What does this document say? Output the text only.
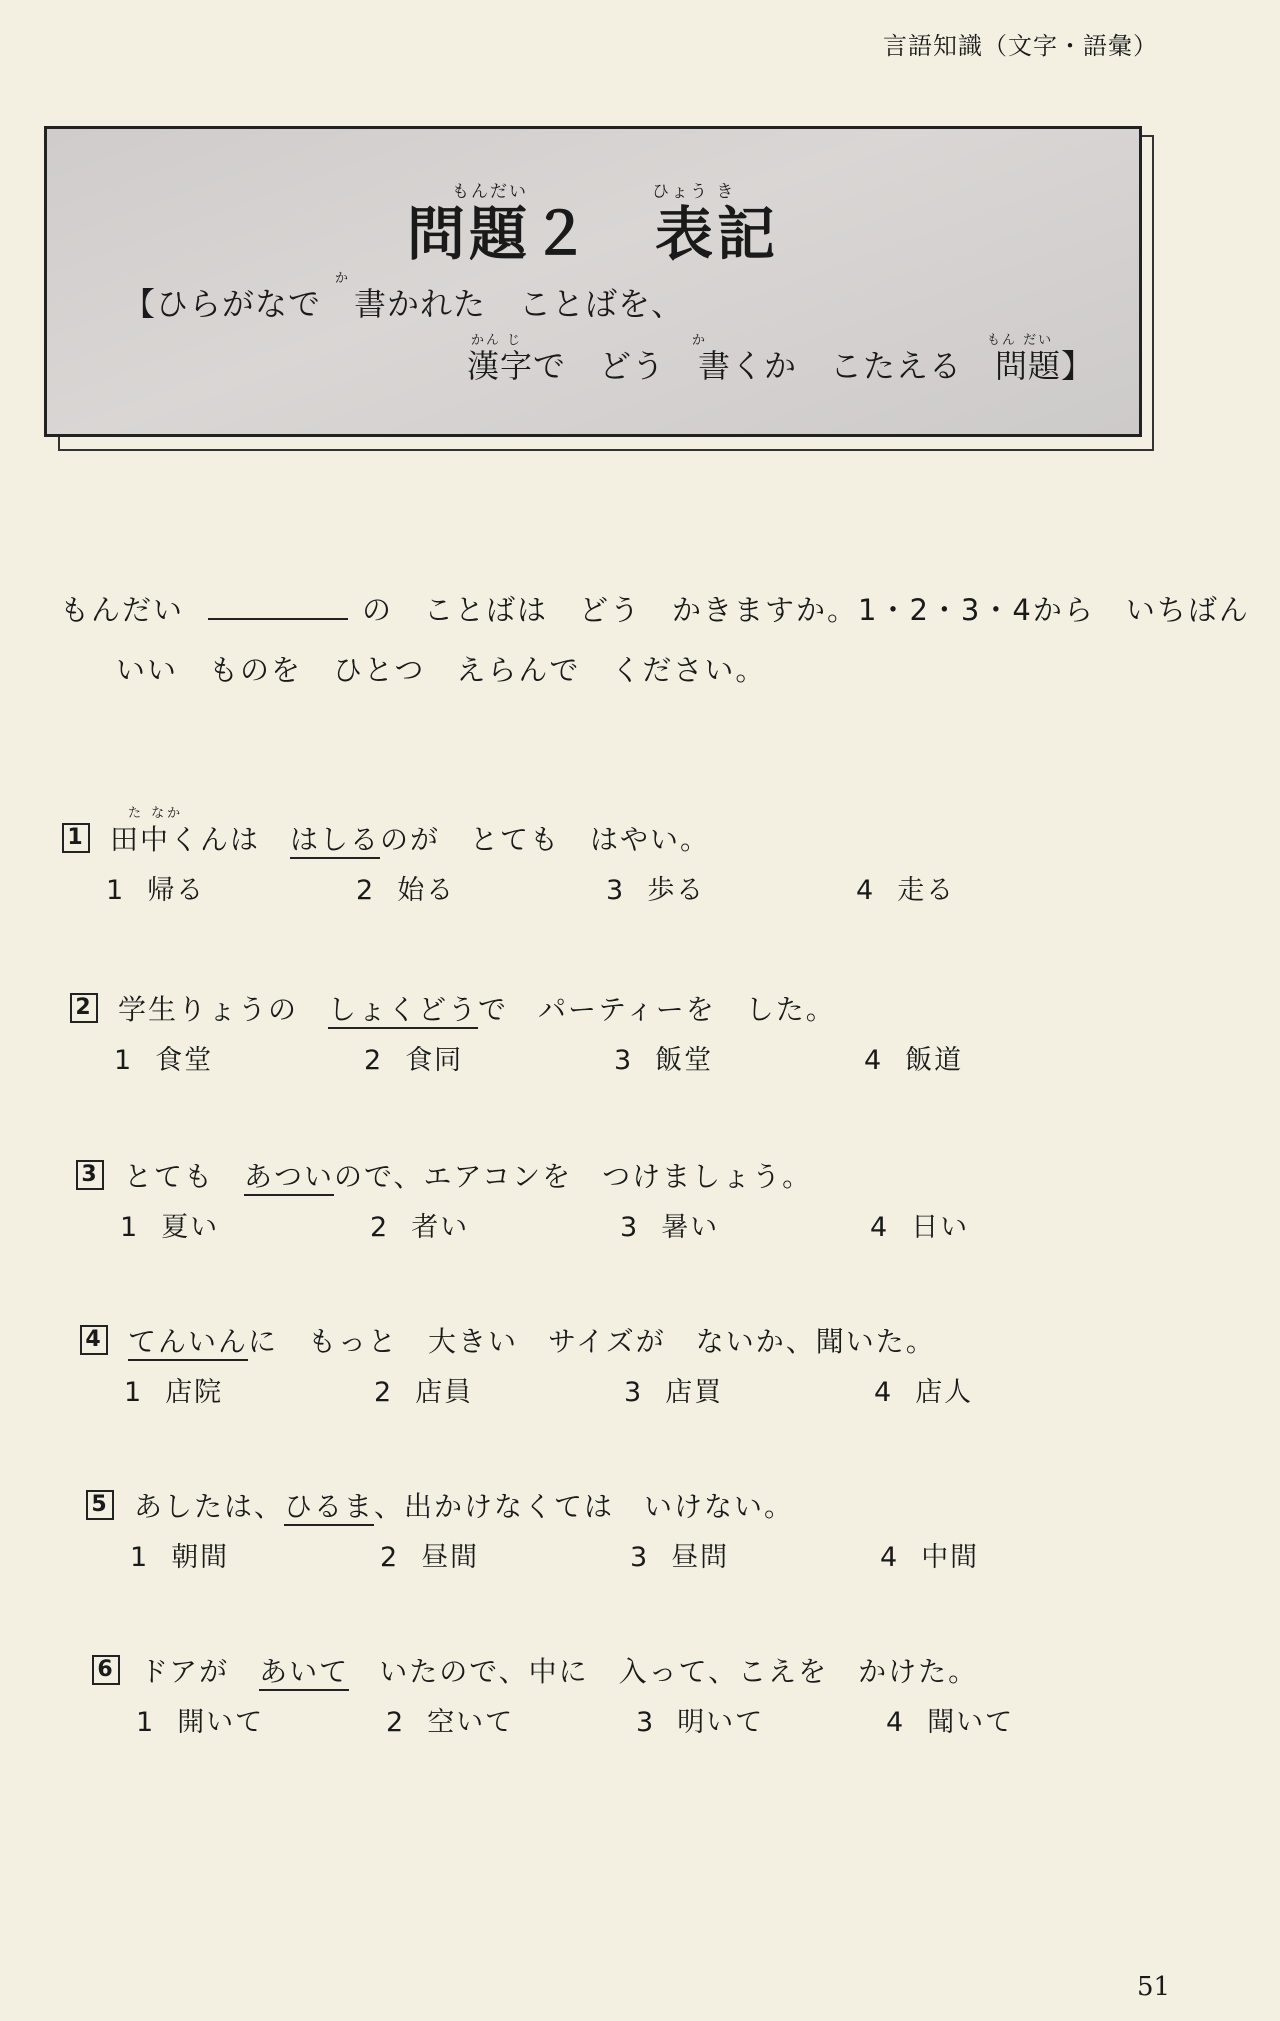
言語知識（文字・語彙）
もんだい	ひょう き
問題２　表記
か
【ひらがなで　書かれた　ことばを、
かん じ	か	もん だい
漢字で　どう　書くか　こたえる　問題】
もんだい	の　ことばは　どう　かきますか。1・2・3・4から　いちばん
いい　ものを　ひとつ　えらんで　ください。
た なか
1 田中くんは　はしるのが　とても　はやい。
1 帰る	2 始る	3 歩る	4 走る
2 学生りょうの　しょくどうで　パーティーを　した。
1 食堂	2 食同	3 飯堂	4 飯道
3 とても　あついので、エアコンを　つけましょう。
1 夏い	2 者い	3 暑い	4 日い
4 てんいんに　もっと　大きい　サイズが　ないか、聞いた。
1 店院	2 店員	3 店買	4 店人
5 あしたは、ひるま、出かけなくては　いけない。
1 朝間	2 昼間	3 昼問	4 中間
6 ドアが　あいて　いたので、中に　入って、こえを　かけた。
1 開いて	2 空いて	3 明いて	4 聞いて
51
